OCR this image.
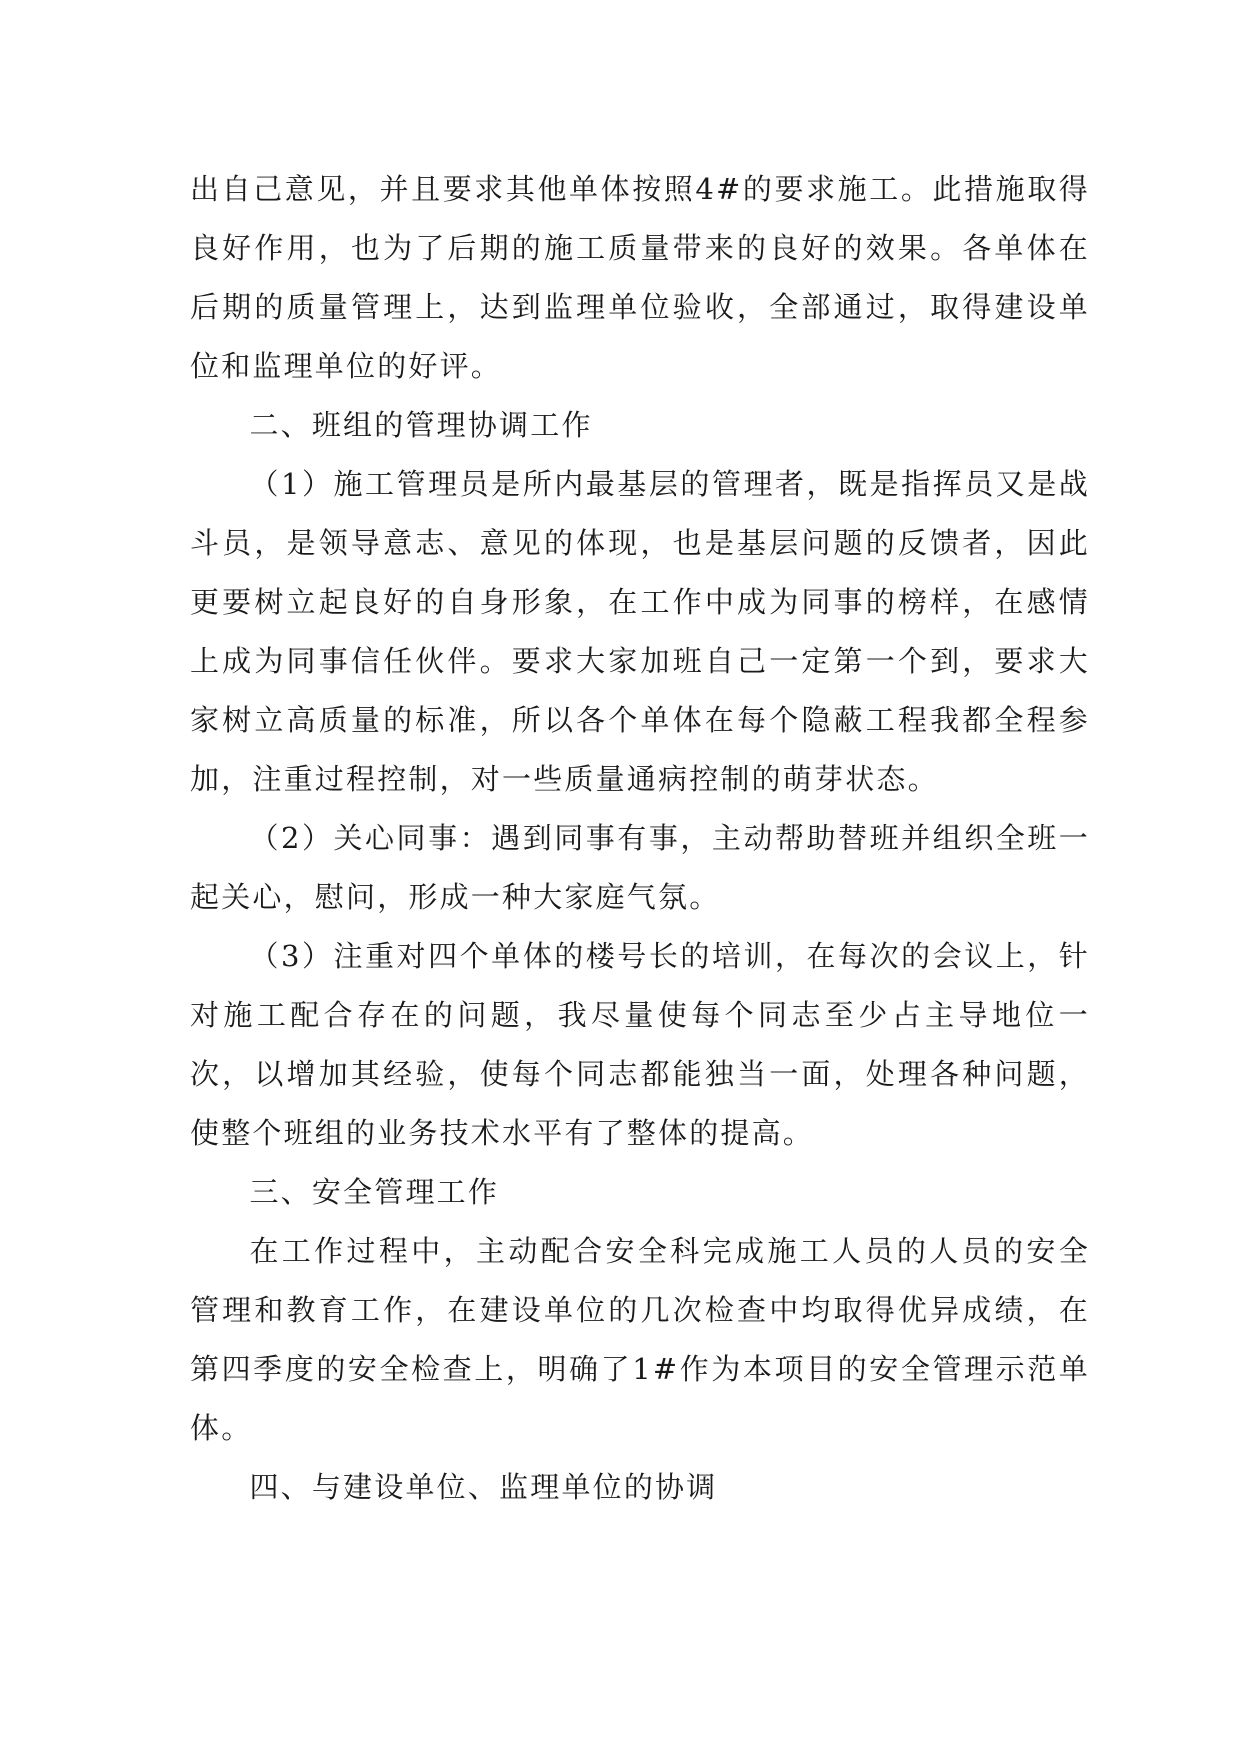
出自己意见，并且要求其他单体按照4#的要求施工。此措施取得良好作用，也为了后期的施工质量带来的良好的效果。各单体在后期的质量管理上，达到监理单位验收，全部通过，取得建设单位和监理单位的好评。

二、班组的管理协调工作

（1）施工管理员是所内最基层的管理者，既是指挥员又是战斗员，是领导意志、意见的体现，也是基层问题的反馈者，因此更要树立起良好的自身形象，在工作中成为同事的榜样，在感情上成为同事信任伙伴。要求大家加班自己一定第一个到，要求大家树立高质量的标准，所以各个单体在每个隐蔽工程我都全程参加，注重过程控制，对一些质量通病控制的萌芽状态。

（2）关心同事：遇到同事有事，主动帮助替班并组织全班一起关心，慰问，形成一种大家庭气氛。

（3）注重对四个单体的楼号长的培训，在每次的会议上，针对施工配合存在的问题，我尽量使每个同志至少占主导地位一次，以增加其经验，使每个同志都能独当一面，处理各种问题，使整个班组的业务技术水平有了整体的提高。

三、安全管理工作

在工作过程中，主动配合安全科完成施工人员的人员的安全管理和教育工作，在建设单位的几次检查中均取得优异成绩，在第四季度的安全检查上，明确了1#作为本项目的安全管理示范单体。

四、与建设单位、监理单位的协调
